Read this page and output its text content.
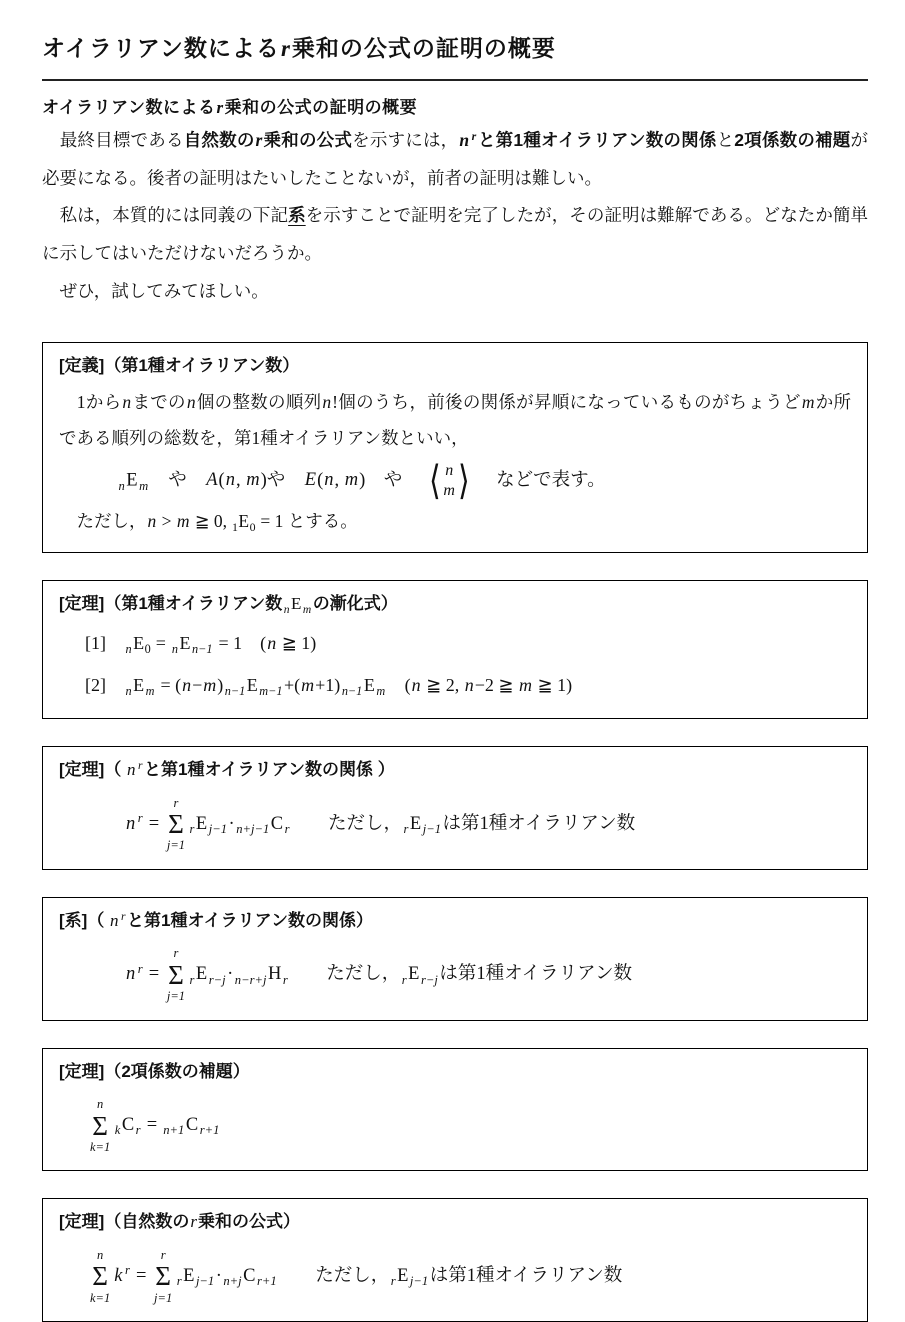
オイラリアン数によるr乗和の公式の証明の概要
オイラリアン数によるr乗和の公式の証明の概要

　最終目標である自然数のr乗和の公式を示すには，n $^r$と第1種オイラリアン数の関係と2項係数の補題が必要になる。後者の証明はたいしたことないが，前者の証明は難しい。

　私は，本質的には同義の下記系を示すことで証明を完了したが，その証明は難解である。どなたか簡単に示してはいただけないだろうか。

　ぜひ，試してみてほしい。

[定義]（第1種オイラリアン数）

　1からnまでのn個の整数の順列n!個のうち，前後の関係が昇順になっているものがちょうどmか所である順列の総数を，第1種オイラリアン数といい，

$_n$E $_m$　や　A(n, m)や　E(n, m)　や　 ⟨ n
m ⟩ 　などで表す。

　ただし，n > m ≧ 0, $_1E_0 = 1$ とする。

[定理]（第1種オイラリアン数 $_n$E $_m$の漸化式）
[1]　$_nE_0 = _nE$ $_{n-1}$ = 1　(n ≧ 1)
[2]　$_n$E $_m$ = (n−m) $_{n-1}$E $_{m-1}$+(m+1) $_{n-1}$E $_m$　(n ≧ 2, n−2 ≧ m ≧ 1)
[定理]（ n $^r$と第1種オイラリアン数の関係 ）
n $^r$ =
r
Σ
j=1
$_r$E $_{j-1}$· $_{n+j-1}$C $_r$　　ただし， $_r$E $_{j-1}$は第1種オイラリアン数
[系]（ n $^r$と第1種オイラリアン数の関係）
n $^r$ =
r
Σ
j=1
$_r$E $_{r-j}$· $_{n-r+j}$H $_r$　　ただし， $_r$E $_{r-j}$は第1種オイラリアン数
[定理]（2項係数の補題）
n
Σ
k=1
$_k$C $_r$ = $_{n+1}$C $_{r+1}$
[定理]（自然数のr乗和の公式）
n
Σ
k=1
k $^r$ =
r
Σ
j=1
$_r$E $_{j-1}$· $_{n+j}$C $_{r+1}$　　ただし， $_r$E $_{j-1}$は第1種オイラリアン数
